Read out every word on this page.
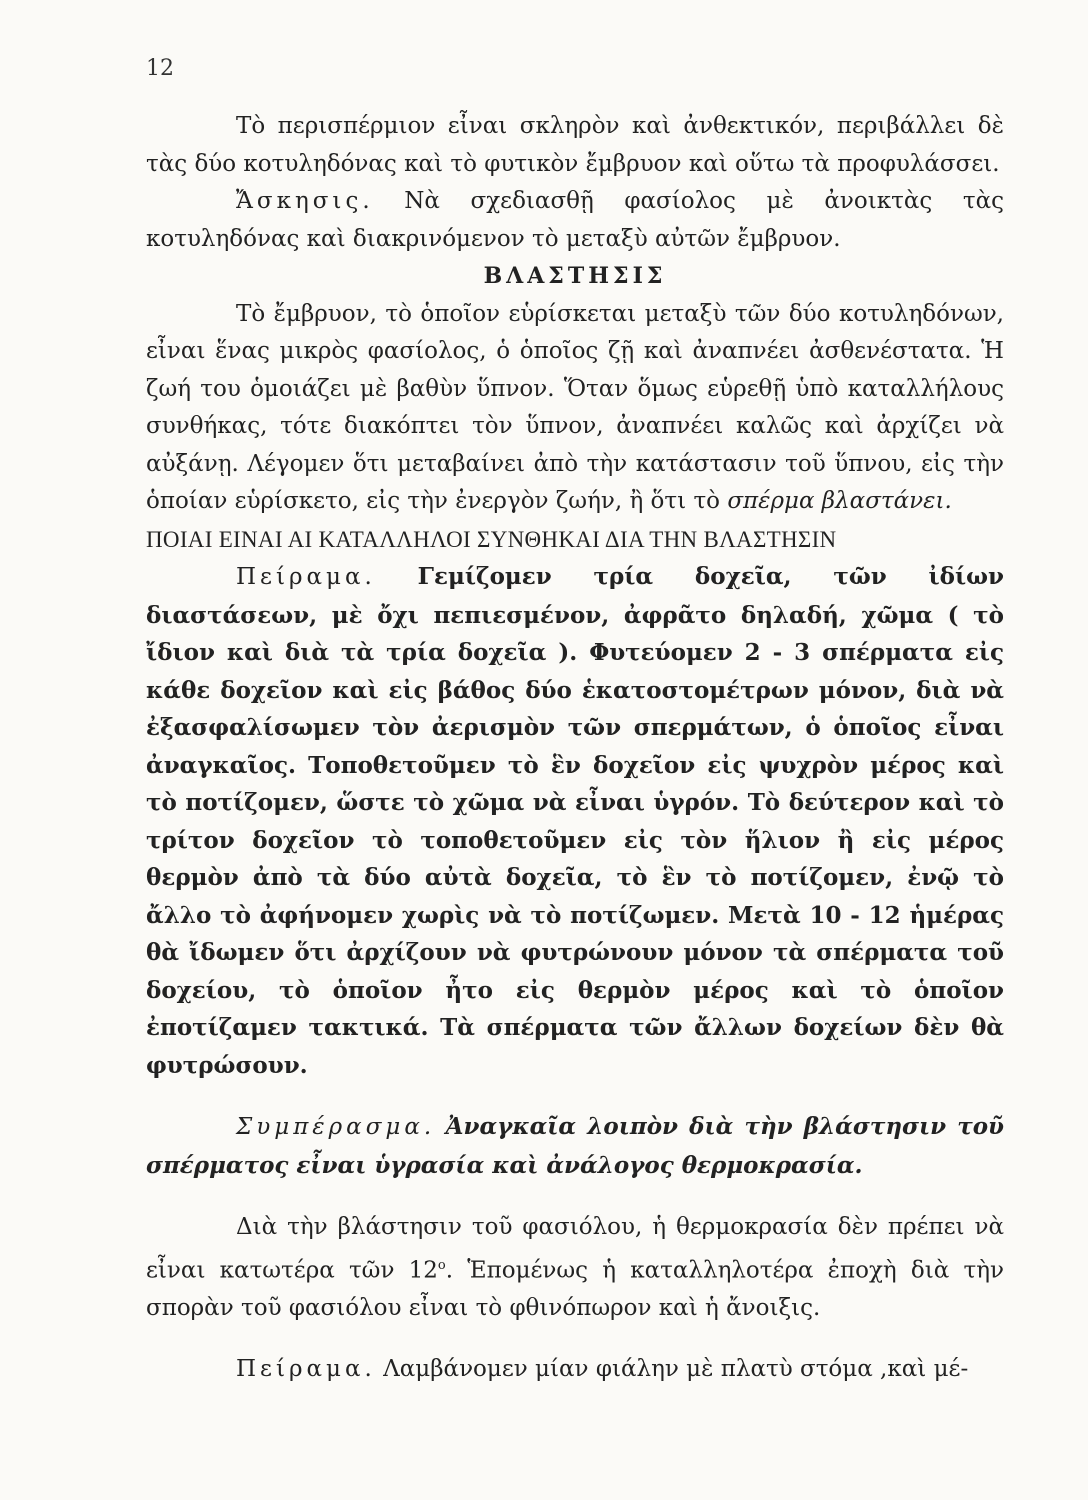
12

Τὸ περισπέρμιον εἶναι σκληρὸν καὶ ἀνθεκτικόν, περιβάλλει δὲ τὰς δύο κοτυληδόνας καὶ τὸ φυτικὸν ἔμβρυον καὶ οὕτω τὰ προφυλάσσει.

Ἄσκησις. Νὰ σχεδιασθῇ φασίολος μὲ ἀνοικτὰς τὰς κοτυληδόνας καὶ διακρινόμενον τὸ μεταξὺ αὐτῶν ἔμβρυον.

ΒΛΑΣΤΗΣΙΣ

Τὸ ἔμβρυον, τὸ ὁποῖον εὑρίσκεται μεταξὺ τῶν δύο κοτυληδόνων, εἶναι ἕνας μικρὸς φασίολος, ὁ ὁποῖος ζῇ καὶ ἀναπνέει ἀσθενέστατα. Ἡ ζωή του ὁμοιάζει μὲ βαθὺν ὕπνον. Ὅταν ὅμως εὑρεθῇ ὑπὸ καταλλήλους συνθήκας, τότε διακόπτει τὸν ὕπνον, ἀναπνέει καλῶς καὶ ἀρχίζει νὰ αὐξάνῃ. Λέγομεν ὅτι μεταβαίνει ἀπὸ τὴν κατάστασιν τοῦ ὕπνου, εἰς τὴν ὁποίαν εὑρίσκετο, εἰς τὴν ἐνεργὸν ζωήν, ἢ ὅτι τὸ σπέρμα βλαστάνει.

ΠΟΙΑΙ ΕΙΝΑΙ ΑΙ ΚΑΤΑΛΛΗΛΟΙ ΣΥΝΘΗΚΑΙ ΔΙΑ ΤΗΝ ΒΛΑΣΤΗΣΙΝ

Πείραμα. Γεμίζομεν τρία δοχεῖα, τῶν ἰδίων διαστάσεων, μὲ ὄχι πεπιεσμένον, ἀφρᾶτο δηλαδή, χῶμα ( τὸ ἴδιον καὶ διὰ τὰ τρία δοχεῖα ). Φυτεύομεν 2 - 3 σπέρματα εἰς κάθε δοχεῖον καὶ εἰς βάθος δύο ἑκατοστομέτρων μόνον, διὰ νὰ ἐξασφαλίσωμεν τὸν ἀερισμὸν τῶν σπερμάτων, ὁ ὁποῖος εἶναι ἀναγκαῖος. Τοποθετοῦμεν τὸ ἓν δοχεῖον εἰς ψυχρὸν μέρος καὶ τὸ ποτίζομεν, ὥστε τὸ χῶμα νὰ εἶναι ὑγρόν. Τὸ δεύτερον καὶ τὸ τρίτον δοχεῖον τὸ τοποθετοῦμεν εἰς τὸν ἥλιον ἢ εἰς μέρος θερμὸν ἀπὸ τὰ δύο αὐτὰ δοχεῖα, τὸ ἓν τὸ ποτίζομεν, ἐνῷ τὸ ἄλλο τὸ ἀφήνομεν χωρὶς νὰ τὸ ποτίζωμεν. Μετὰ 10 - 12 ἡμέρας θὰ ἴδωμεν ὅτι ἀρχίζουν νὰ φυτρώνουν μόνον τὰ σπέρματα τοῦ δοχείου, τὸ ὁποῖον ἦτο εἰς θερμὸν μέρος καὶ τὸ ὁποῖον ἐποτίζαμεν τακτικά. Τὰ σπέρματα τῶν ἄλλων δοχείων δὲν θὰ φυτρώσουν.

Συμπέρασμα. Ἀναγκαῖα λοιπὸν διὰ τὴν βλάστησιν τοῦ σπέρματος εἶναι ὑγρασία καὶ ἀνάλογος θερμοκρασία.

Διὰ τὴν βλάστησιν τοῦ φασιόλου, ἡ θερμοκρασία δὲν πρέπει νὰ εἶναι κατωτέρα τῶν $12^o$. Ἑπομένως ἡ καταλληλοτέρα ἐποχὴ διὰ τὴν σπορὰν τοῦ φασιόλου εἶναι τὸ φθινόπωρον καὶ ἡ ἄνοιξις.

Πείραμα. Λαμβάνομεν μίαν φιάλην μὲ πλατὺ στόμα ,καὶ μέ-
